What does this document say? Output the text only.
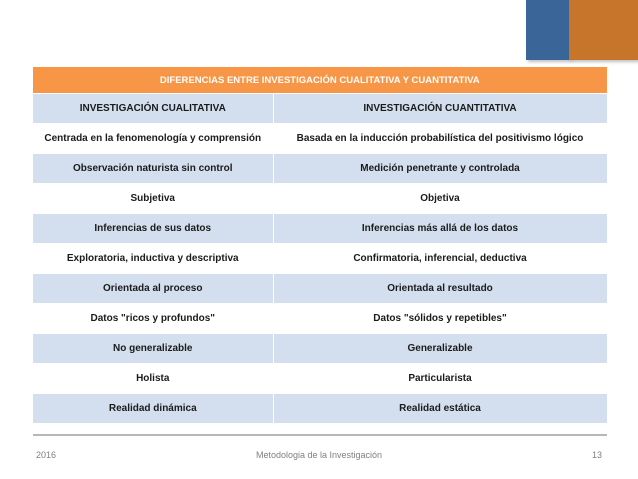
DIFERENCIAS ENTRE INVESTIGACIÓN CUALITATIVA Y CUANTITATIVA	
INVESTIGACIÓN CUALITATIVA	INVESTIGACIÓN CUANTITATIVA
Centrada en la fenomenología y comprensión	Basada en la inducción probabilística del positivismo lógico
Observación naturista sin control	Medición penetrante y controlada
Subjetiva	Objetiva
Inferencias de sus datos	Inferencias más allá de los datos
Exploratoria, inductiva y descriptiva	Confirmatoria, inferencial, deductiva
Orientada al proceso	Orientada al resultado
Datos "ricos y profundos"	Datos "sólidos y repetibles"
No generalizable	Generalizable
Holista	Particularista
Realidad dinámica	Realidad estática
2016	Metodologia de la Investigación	13
